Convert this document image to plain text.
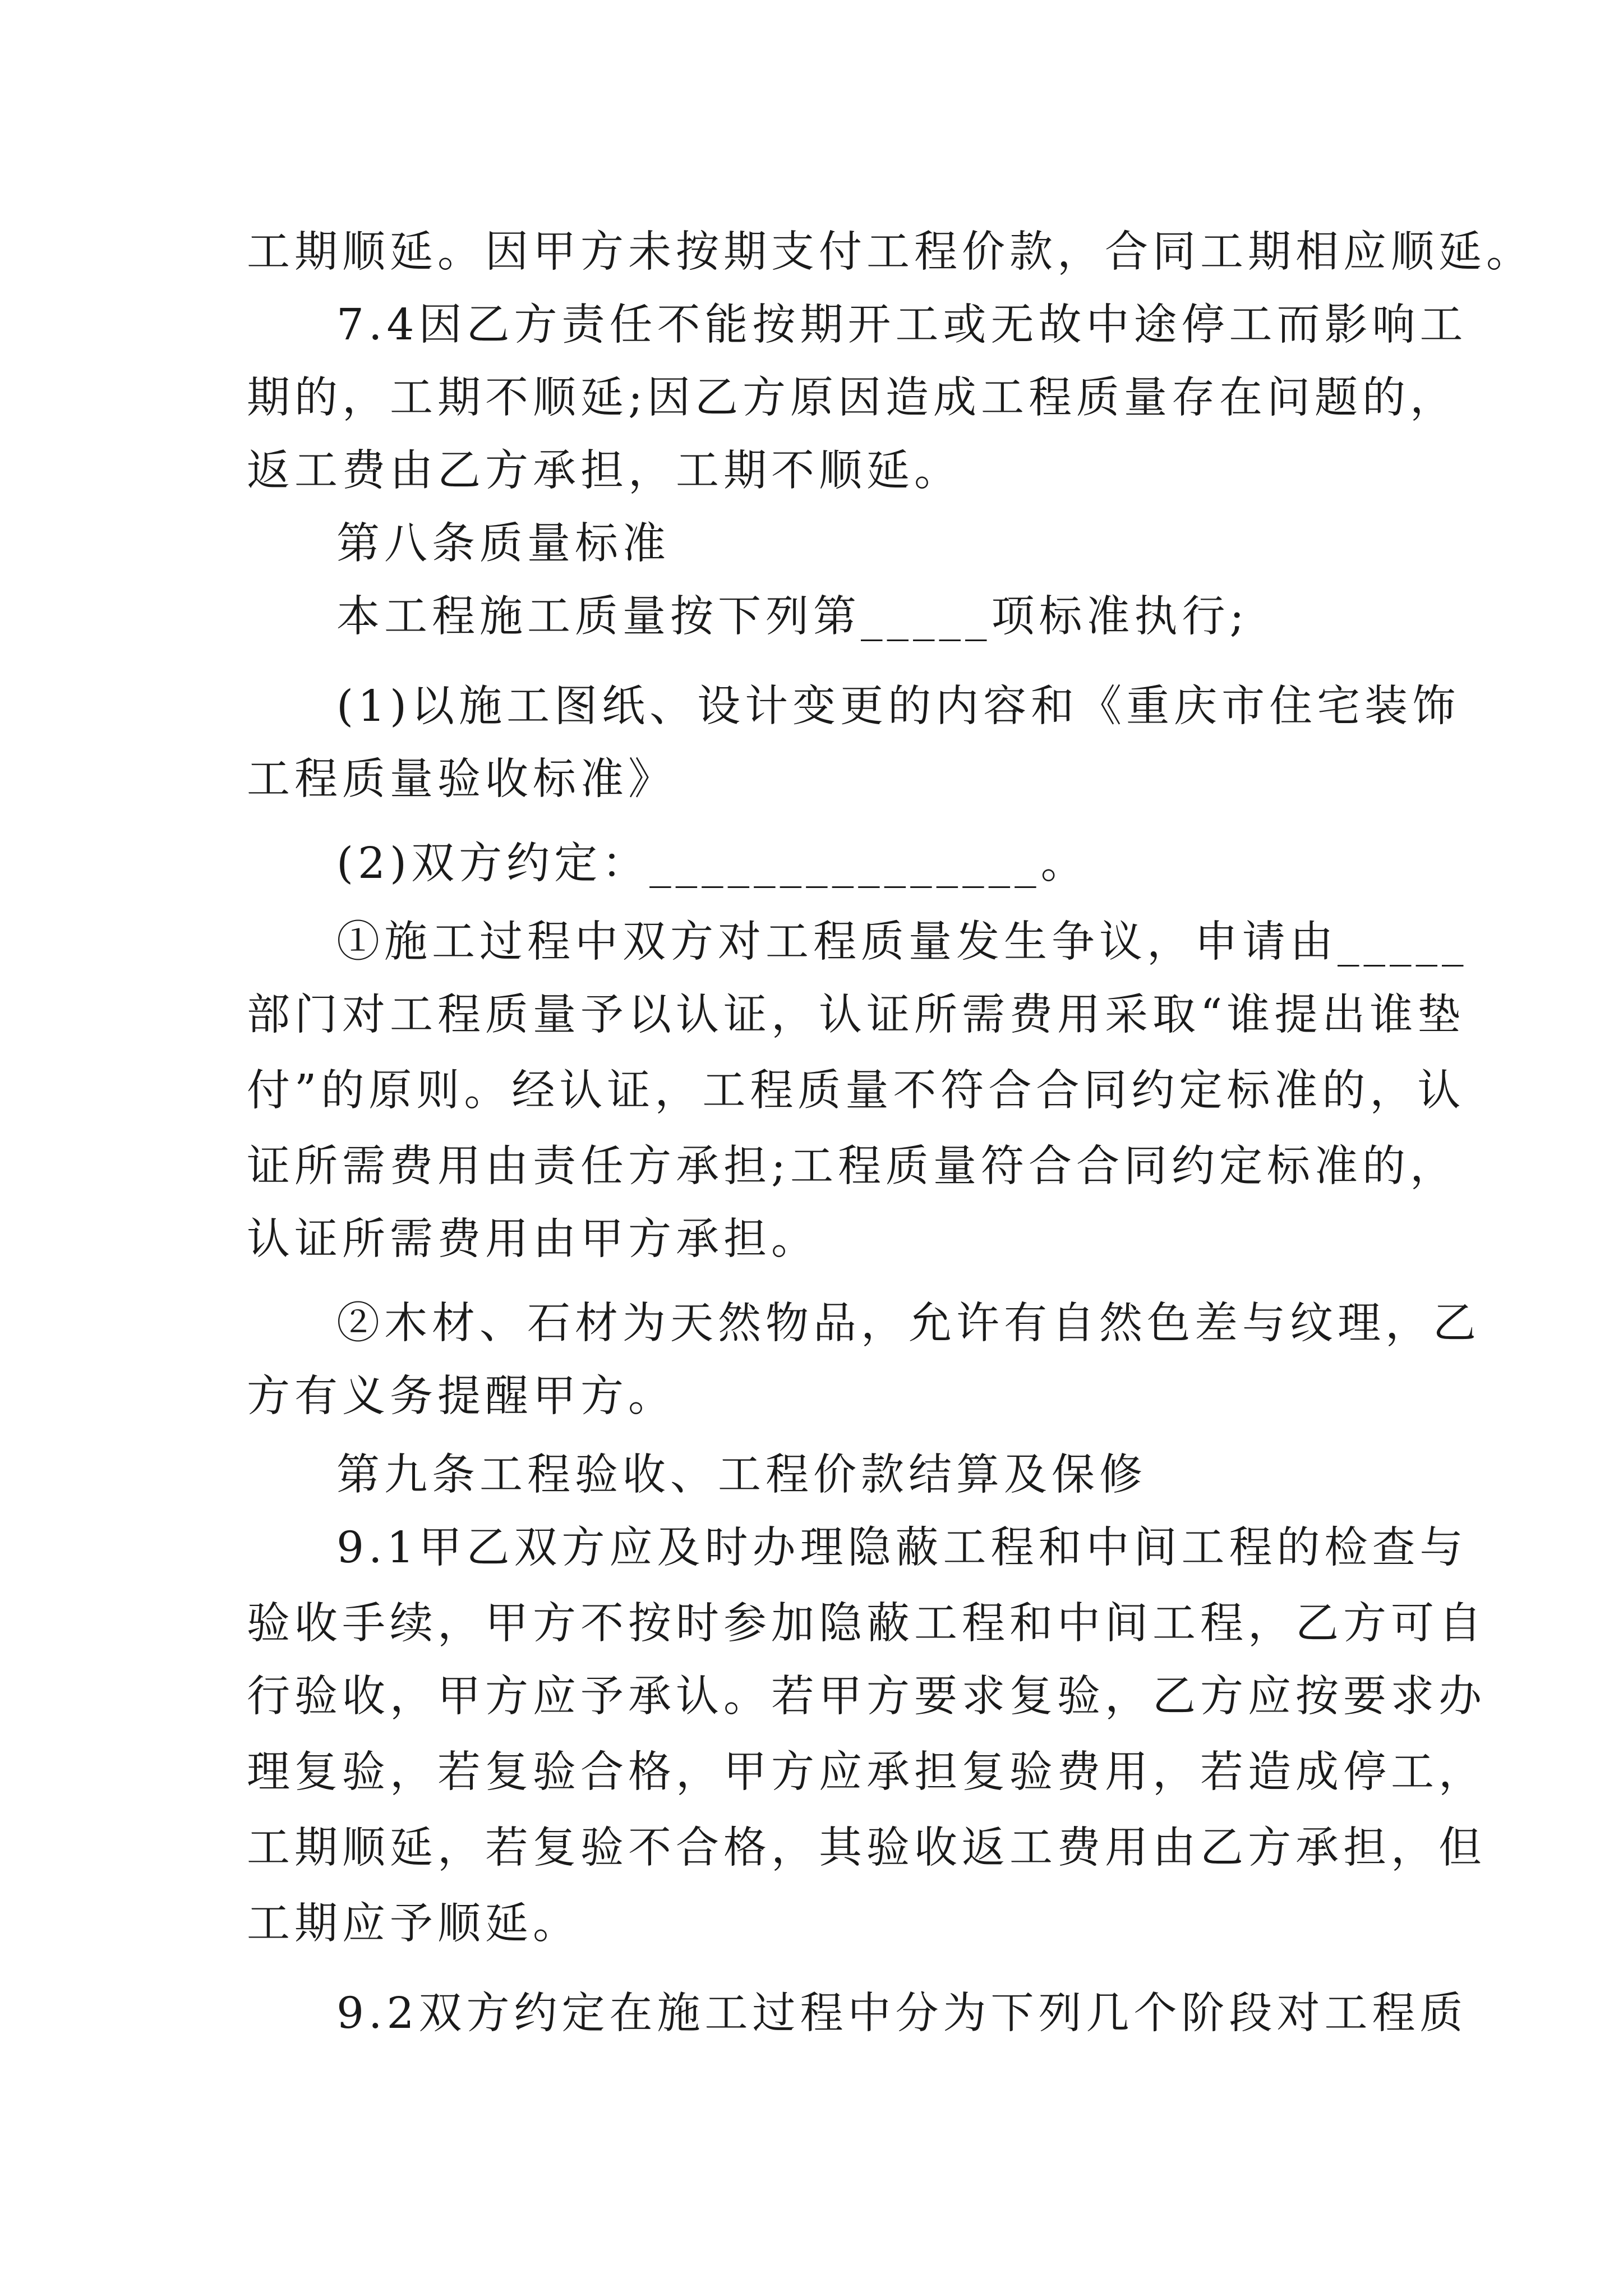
工期顺延。因甲方未按期支付工程价款，合同工期相应顺延。
7.4因乙方责任不能按期开工或无故中途停工而影响工
期的，工期不顺延;因乙方原因造成工程质量存在问题的，
返工费由乙方承担，工期不顺延。
第八条质量标准
本工程施工质量按下列第_____项标准执行;
(1)以施工图纸、设计变更的内容和《重庆市住宅装饰
工程质量验收标准》
(2)双方约定：_______________。
①施工过程中双方对工程质量发生争议，申请由_____
部门对工程质量予以认证，认证所需费用采取“谁提出谁垫
付”的原则。经认证，工程质量不符合合同约定标准的，认
证所需费用由责任方承担;工程质量符合合同约定标准的，
认证所需费用由甲方承担。
②木材、石材为天然物品，允许有自然色差与纹理，乙
方有义务提醒甲方。
第九条工程验收、工程价款结算及保修
9.1甲乙双方应及时办理隐蔽工程和中间工程的检查与
验收手续，甲方不按时参加隐蔽工程和中间工程，乙方可自
行验收，甲方应予承认。若甲方要求复验，乙方应按要求办
理复验，若复验合格，甲方应承担复验费用，若造成停工，
工期顺延，若复验不合格，其验收返工费用由乙方承担，但
工期应予顺延。
9.2双方约定在施工过程中分为下列几个阶段对工程质
